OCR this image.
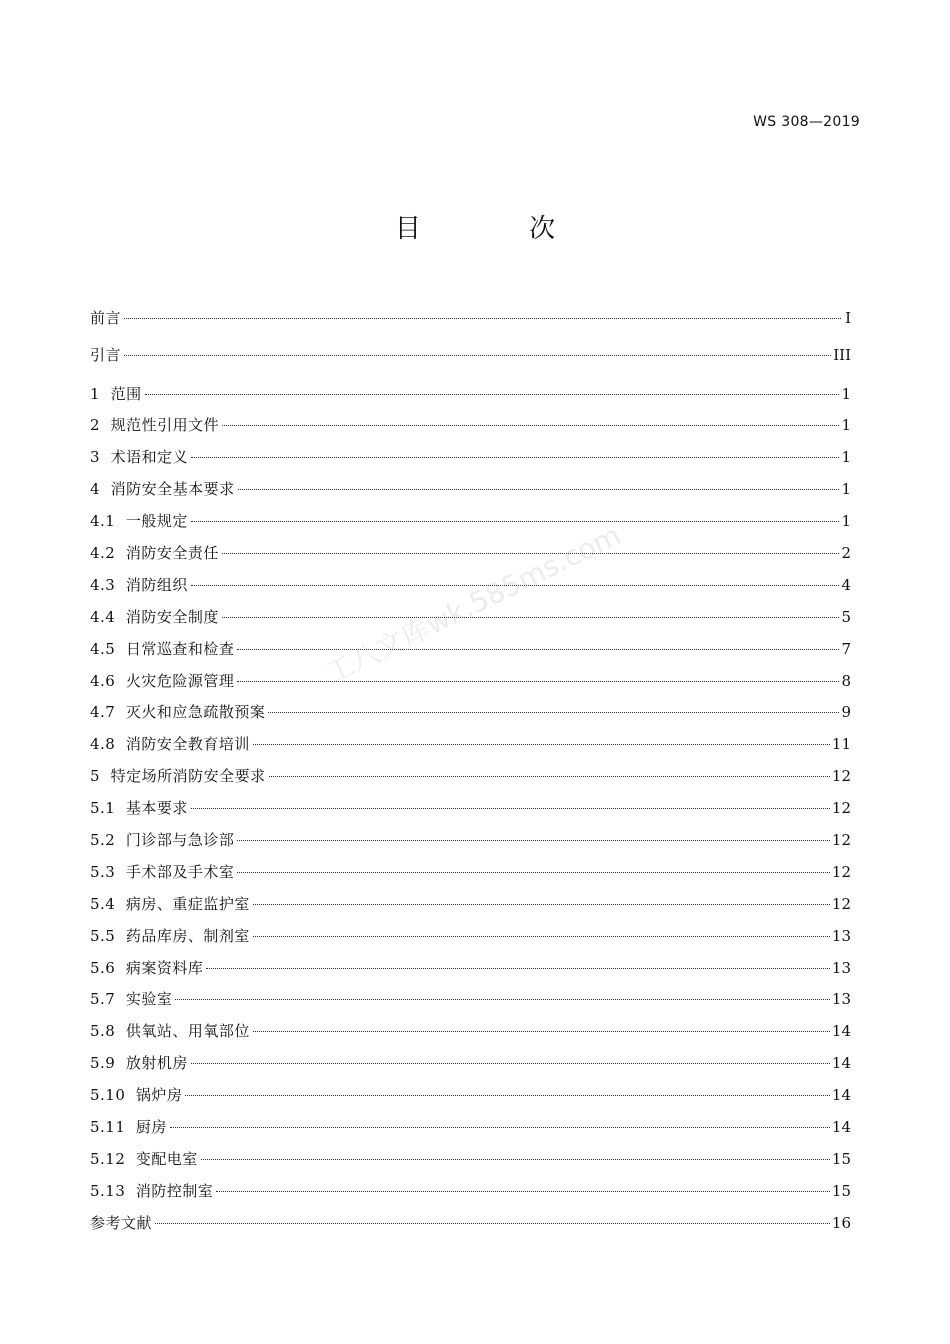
WS 308—2019
目 次
工八文库wk.585ms.com
前言	Ⅰ
引言	III
1  范围	1
2  规范性引用文件	1
3  术语和定义	1
4  消防安全基本要求	1
4.1  一般规定	1
4.2  消防安全责任	2
4.3  消防组织	4
4.4  消防安全制度	5
4.5  日常巡查和检查	7
4.6  火灾危险源管理	8
4.7  灭火和应急疏散预案	9
4.8  消防安全教育培训	11
5  特定场所消防安全要求	12
5.1  基本要求	12
5.2  门诊部与急诊部	12
5.3  手术部及手术室	12
5.4  病房、重症监护室	12
5.5  药品库房、制剂室	13
5.6  病案资料库	13
5.7  实验室	13
5.8  供氧站、用氧部位	14
5.9  放射机房	14
5.10  锅炉房	14
5.11  厨房	14
5.12  变配电室	15
5.13  消防控制室	15
参考文献	16
